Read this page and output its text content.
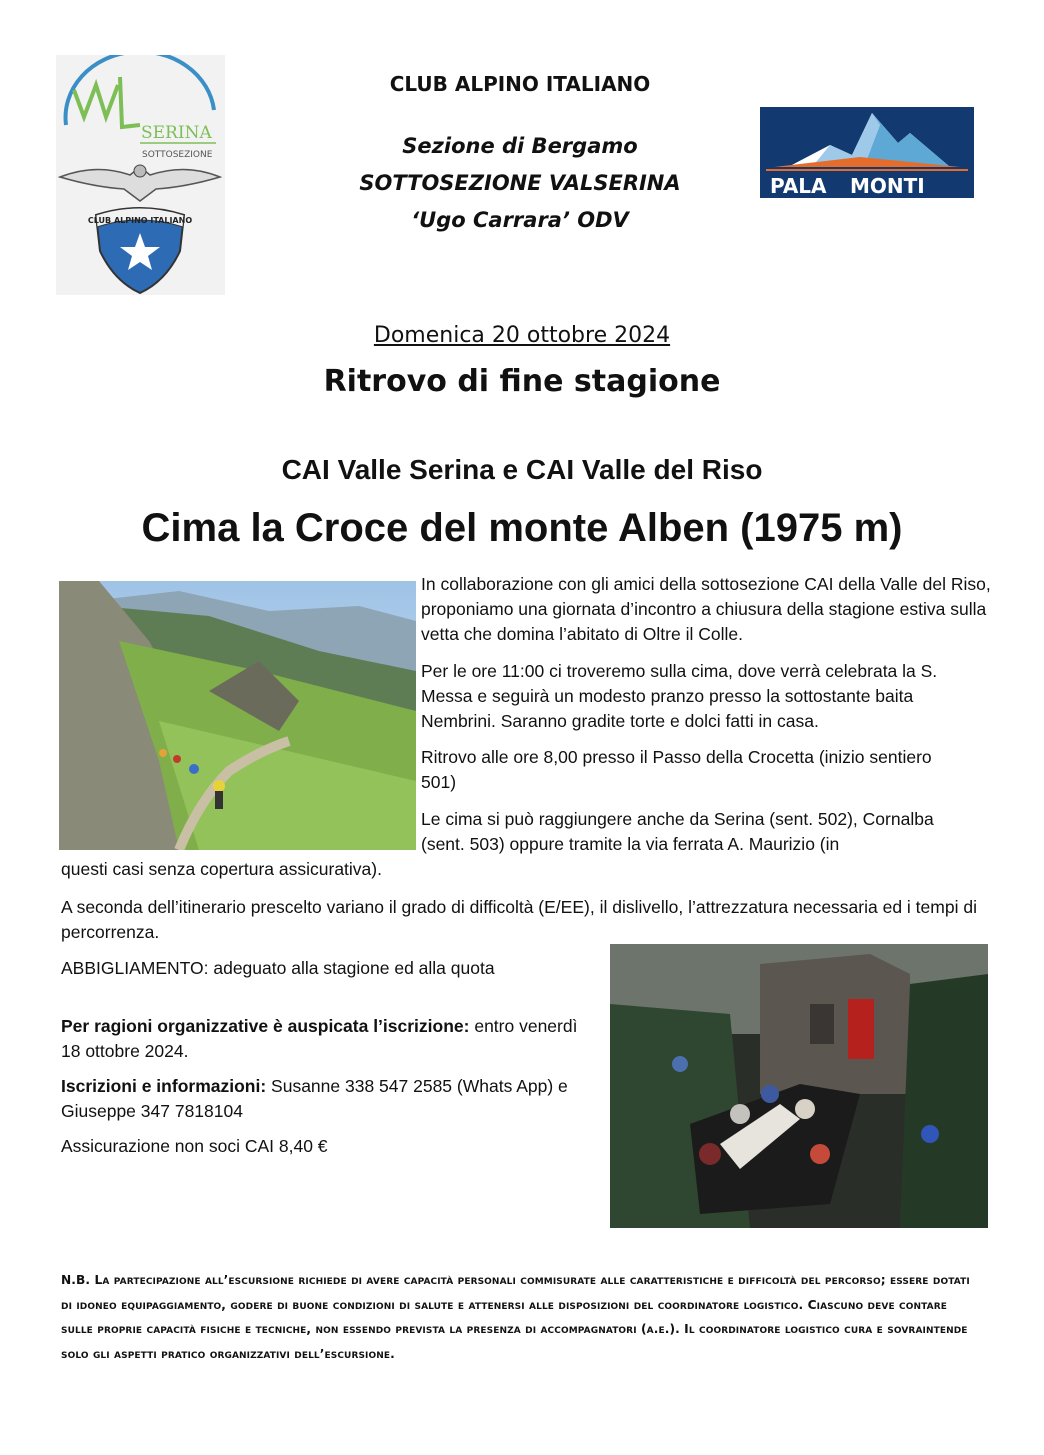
SERINA
SOTTOSEZIONE
CLUB ALPINO ITALIANO
CLUB ALPINO ITALIANO
Sezione di Bergamo
SOTTOSEZIONE VALSERINA
‘Ugo Carrara’ ODV
PALA MONTI
Domenica 20 ottobre 2024
Ritrovo di fine stagione
CAI Valle Serina e CAI Valle del Riso
Cima la Croce del monte Alben (1975 m)
In collaborazione con gli amici della sottosezione CAI della Valle del Riso, proponiamo una giornata d’incontro a chiusura della stagione estiva sulla vetta che domina l’abitato di Oltre il Colle.
Per le ore 11:00 ci troveremo sulla cima, dove verrà celebrata la S. Messa e seguirà un modesto pranzo presso la sottostante baita Nembrini. Saranno gradite torte e dolci fatti in casa.
Ritrovo alle ore 8,00 presso il Passo della Crocetta (inizio sentiero 501)
Le cima si può raggiungere anche da Serina (sent. 502), Cornalba (sent. 503) oppure tramite la via ferrata A. Maurizio (in
questi casi senza copertura assicurativa).
A seconda dell’itinerario prescelto variano il grado di difficoltà (E/EE), il dislivello, l’attrezzatura necessaria ed i tempi di percorrenza.
ABBIGLIAMENTO: adeguato alla stagione ed alla quota
Per ragioni organizzative è auspicata l’iscrizione: entro venerdì 18 ottobre 2024.
Iscrizioni e informazioni: Susanne 338 547 2585 (Whats App) e Giuseppe 347 7818104
Assicurazione non soci CAI 8,40 €
N.B. La partecipazione all’escursione richiede di avere capacità personali commisurate alle caratteristiche e difficoltà del percorso; essere dotati di idoneo equipaggiamento, godere di buone condizioni di salute e attenersi alle disposizioni del coordinatore logistico. Ciascuno deve contare sulle proprie capacità fisiche e tecniche, non essendo prevista la presenza di accompagnatori (a.e.). Il coordinatore logistico cura e sovraintende solo gli aspetti pratico organizzativi dell’escursione.
